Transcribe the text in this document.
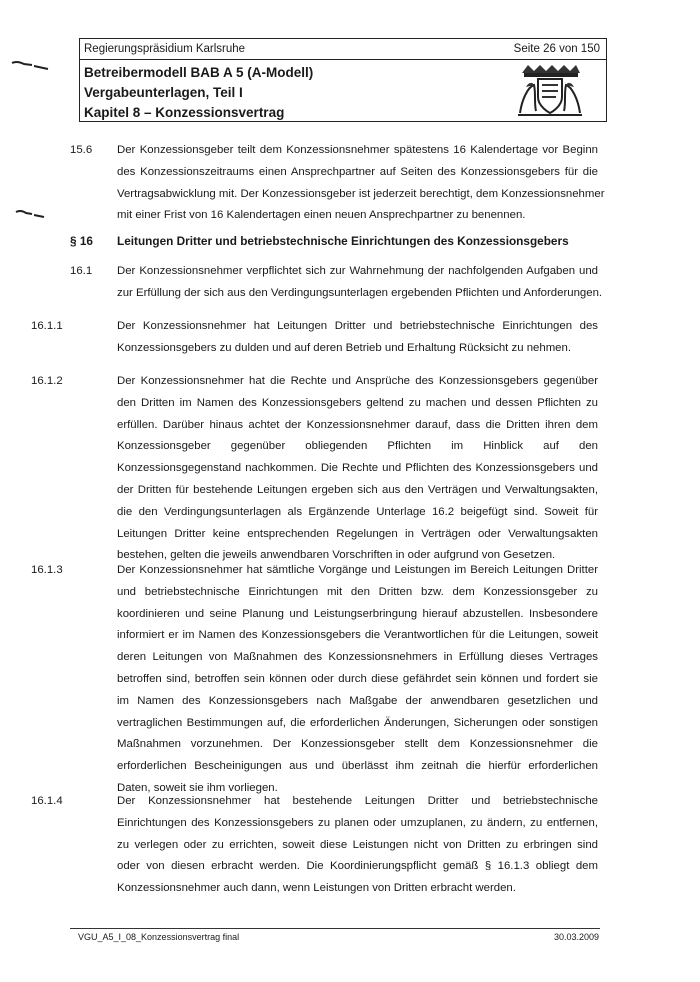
Regierungspräsidium Karlsruhe	Seite 26 von 150
Betreibermodell BAB A 5 (A-Modell)
Vergabeunterlagen, Teil I
Kapitel 8 – Konzessionsvertrag
15.6 Der Konzessionsgeber teilt dem Konzessionsnehmer spätestens 16 Kalendertage vor Beginn
des Konzessionszeitraums einen Ansprechpartner auf Seiten des Konzessionsgebers für die
Vertragsabwicklung mit. Der Konzessionsgeber ist jederzeit berechtigt, dem Konzessionsnehmer
mit einer Frist von 16 Kalendertagen einen neuen Ansprechpartner zu benennen.
§ 16 Leitungen Dritter und betriebstechnische Einrichtungen des Konzessionsgebers
16.1 Der Konzessionsnehmer verpflichtet sich zur Wahrnehmung der nachfolgenden Aufgaben und
zur Erfüllung der sich aus den Verdingungsunterlagen ergebenden Pflichten und Anforderungen.
16.1.1	Der Konzessionsnehmer hat Leitungen Dritter und betriebstechnische Einrichtungen des
Konzessionsgebers zu dulden und auf deren Betrieb und Erhaltung Rücksicht zu nehmen.
16.1.2	Der Konzessionsnehmer hat die Rechte und Ansprüche des Konzessionsgebers gegenüber
den Dritten im Namen des Konzessionsgebers geltend zu machen und dessen Pflichten zu
erfüllen. Darüber hinaus achtet der Konzessionsnehmer darauf, dass die Dritten ihren dem
Konzessionsgeber gegenüber obliegenden Pflichten im Hinblick auf den
Konzessionsgegenstand nachkommen. Die Rechte und Pflichten des Konzessionsgebers und
der Dritten für bestehende Leitungen ergeben sich aus den Verträgen und Verwaltungsakten,
die den Verdingungsunterlagen als Ergänzende Unterlage 16.2 beigefügt sind. Soweit für
Leitungen Dritter keine entsprechenden Regelungen in Verträgen oder Verwaltungsakten
bestehen, gelten die jeweils anwendbaren Vorschriften in oder aufgrund von Gesetzen.
16.1.3	Der Konzessionsnehmer hat sämtliche Vorgänge und Leistungen im Bereich Leitungen Dritter
und betriebstechnische Einrichtungen mit den Dritten bzw. dem Konzessionsgeber zu
koordinieren und seine Planung und Leistungserbringung hierauf abzustellen. Insbesondere
informiert er im Namen des Konzessionsgebers die Verantwortlichen für die Leitungen, soweit
deren Leitungen von Maßnahmen des Konzessionsnehmers in Erfüllung dieses Vertrages
betroffen sind, betroffen sein können oder durch diese gefährdet sein können und fordert sie
im Namen des Konzessionsgebers nach Maßgabe der anwendbaren gesetzlichen und
vertraglichen Bestimmungen auf, die erforderlichen Änderungen, Sicherungen oder sonstigen
Maßnahmen vorzunehmen. Der Konzessionsgeber stellt dem Konzessionsnehmer die
erforderlichen Bescheinigungen aus und überlässt ihm zeitnah die hierfür erforderlichen
Daten, soweit sie ihm vorliegen.
16.1.4	Der Konzessionsnehmer hat bestehende Leitungen Dritter und betriebstechnische
Einrichtungen des Konzessionsgebers zu planen oder umzuplanen, zu ändern, zu entfernen,
zu verlegen oder zu errichten, soweit diese Leistungen nicht von Dritten zu erbringen sind
oder von diesen erbracht werden. Die Koordinierungspflicht gemäß § 16.1.3 obliegt dem
Konzessionsnehmer auch dann, wenn Leistungen von Dritten erbracht werden.
VGU_A5_I_08_Konzessionsvertrag final	30.03.2009
